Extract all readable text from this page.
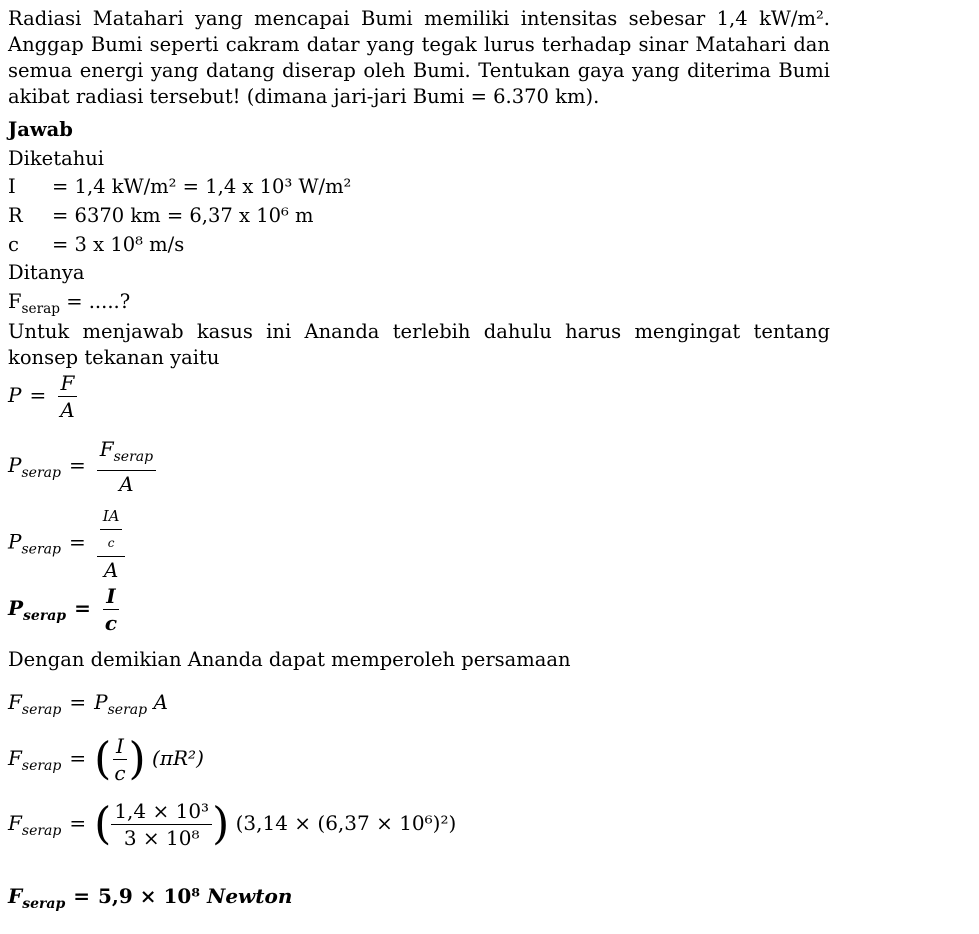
Radiasi Matahari yang mencapai Bumi memiliki intensitas sebesar 1,4 kW/m². Anggap Bumi seperti cakram datar yang tegak lurus terhadap sinar Matahari dan semua energi yang datang diserap oleh Bumi. Tentukan gaya yang diterima Bumi akibat radiasi tersebut! (dimana jari-jari Bumi = 6.370 km).
Jawab
Diketahui
I = 1,4 kW/m² = 1,4 x 10³ W/m²
R = 6370 km = 6,37 x 10⁶ m
c = 3 x 10⁸ m/s
Ditanya
$F_{serap}$ = .....?
Untuk menjawab kasus ini Ananda terlebih dahulu harus mengingat tentang konsep tekanan yaitu
$P = \frac{F}{A}$
$P_{serap} = \frac{F_{serap}}{A}$
$P_{serap} = \frac{\frac{IA}{c}}{A}$
$P_{serap} = \frac{I}{c}$
Dengan demikian Ananda dapat memperoleh persamaan
$F_{serap} = P_{serap}$ A
$F_{serap}$ = ( $\frac{I}{c}$ ) (πR²)
$F_{serap}$ = ( $\frac{\text{1,4 × 10³}}{\text{3 × 10⁸}}$ ) (3,14 × (6,37 × 10⁶)²)
$F_{serap} = 5,9 \times 10^8$ Newton
